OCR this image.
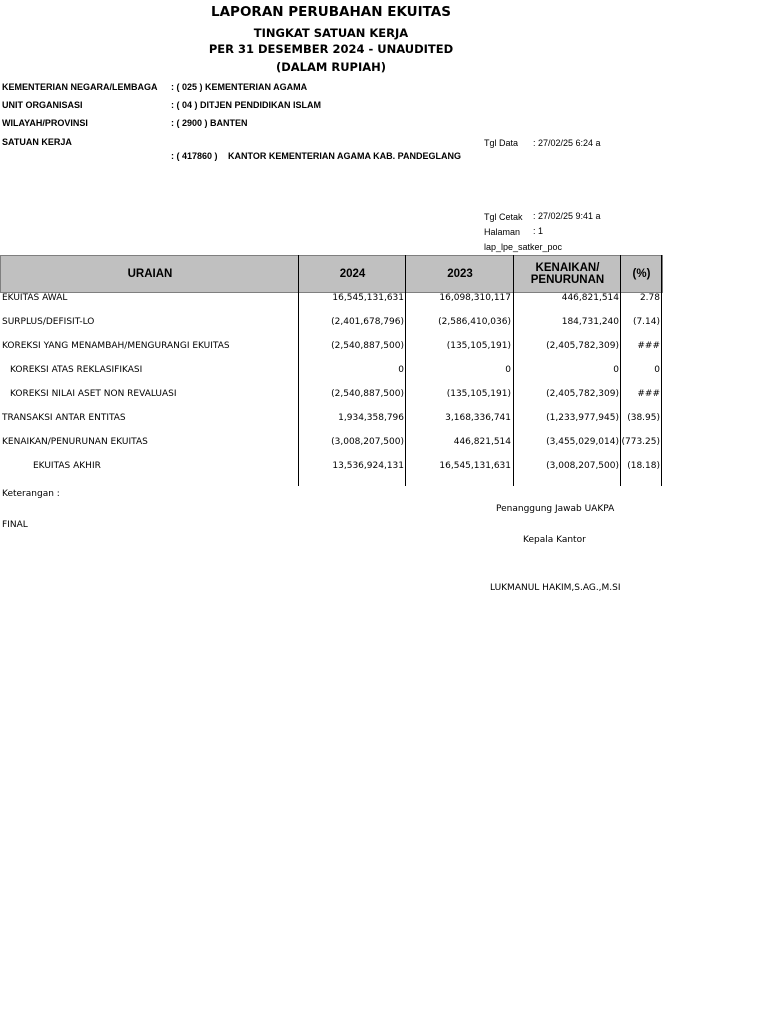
LAPORAN PERUBAHAN EKUITAS
TINGKAT SATUAN KERJA
PER 31 DESEMBER 2024 - UNAUDITED
(DALAM RUPIAH)
KEMENTERIAN NEGARA/LEMBAGA : ( 025 ) KEMENTERIAN AGAMA
UNIT ORGANISASI	: ( 04 ) DITJEN PENDIDIKAN ISLAM
WILAYAH/PROVINSI	: ( 2900 ) BANTEN
SATUAN KERJA
: ( 417860 ) KANTOR KEMENTERIAN AGAMA KAB. PANDEGLANG
Tgl Data : 27/02/25 6:24 a
Tgl Cetak : 27/02/25 9:41 a
Halaman : 1
lap_lpe_satker_poc
URAIAN	2024	2023	KENAIKAN/
PENURUNAN	(%)
EKUITAS AWAL	16,545,131,631	16,098,310,117	446,821,514	2.78
SURPLUS/DEFISIT-LO	(2,401,678,796)	(2,586,410,036)	184,731,240	(7.14)
KOREKSI YANG MENAMBAH/MENGURANGI EKUITAS	(2,540,887,500)	(135,105,191)	(2,405,782,309)	###
KOREKSI ATAS REKLASIFIKASI	0	0	0	0
KOREKSI NILAI ASET NON REVALUASI	(2,540,887,500)	(135,105,191)	(2,405,782,309)	###
TRANSAKSI ANTAR ENTITAS	1,934,358,796	3,168,336,741	(1,233,977,945) (38.95)
KENAIKAN/PENURUNAN EKUITAS	(3,008,207,500)	446,821,514	(3,455,029,014) (773.25)
EKUITAS AKHIR	13,536,924,131	16,545,131,631	(3,008,207,500) (18.18)
Keterangan :
FINAL
Penanggung Jawab UAKPA
Kepala Kantor
LUKMANUL HAKIM,S.AG.,M.SI
